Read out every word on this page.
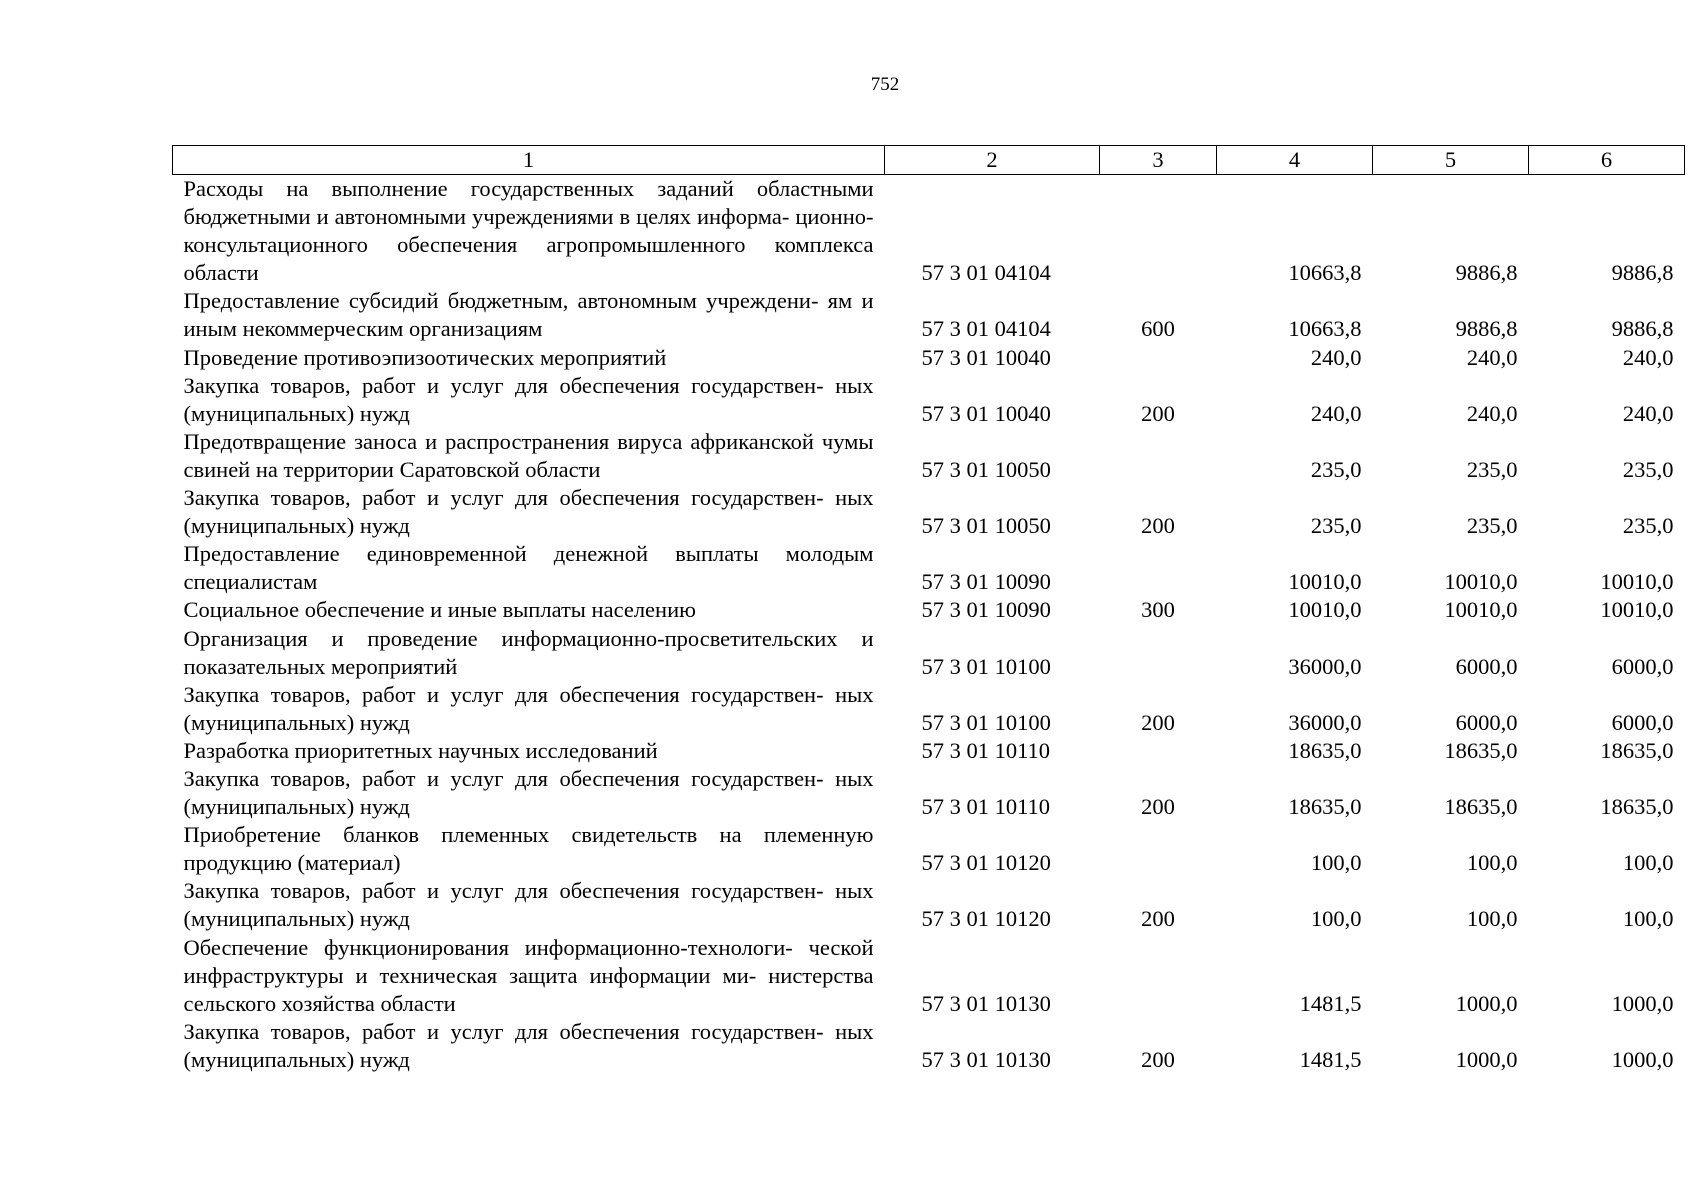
752
1	2	3	4	5	6
Расходы на выполнение государственных заданий областными бюджетными и автономными учреждениями в целях информа- ционно-консультационного обеспечения агропромышленного комплекса области	57 3 01 04104		10663,8	9886,8	9886,8
Предоставление субсидий бюджетным, автономным учреждени- ям и иным некоммерческим организациям	57 3 01 04104	600	10663,8	9886,8	9886,8
Проведение противоэпизоотических мероприятий	57 3 01 10040		240,0	240,0	240,0
Закупка товаров, работ и услуг для обеспечения государствен- ных (муниципальных) нужд	57 3 01 10040	200	240,0	240,0	240,0
Предотвращение заноса и распространения вируса африканской чумы свиней на территории Саратовской области	57 3 01 10050		235,0	235,0	235,0
Закупка товаров, работ и услуг для обеспечения государствен- ных (муниципальных) нужд	57 3 01 10050	200	235,0	235,0	235,0
Предоставление единовременной денежной выплаты молодым специалистам	57 3 01 10090		10010,0	10010,0	10010,0
Социальное обеспечение и иные выплаты населению	57 3 01 10090	300	10010,0	10010,0	10010,0
Организация и проведение информационно-просветительских и показательных мероприятий	57 3 01 10100		36000,0	6000,0	6000,0
Закупка товаров, работ и услуг для обеспечения государствен- ных (муниципальных) нужд	57 3 01 10100	200	36000,0	6000,0	6000,0
Разработка приоритетных научных исследований	57 3 01 10110		18635,0	18635,0	18635,0
Закупка товаров, работ и услуг для обеспечения государствен- ных (муниципальных) нужд	57 3 01 10110	200	18635,0	18635,0	18635,0
Приобретение бланков племенных свидетельств на племенную продукцию (материал)	57 3 01 10120		100,0	100,0	100,0
Закупка товаров, работ и услуг для обеспечения государствен- ных (муниципальных) нужд	57 3 01 10120	200	100,0	100,0	100,0
Обеспечение функционирования информационно-технологи- ческой инфраструктуры и техническая защита информации ми- нистерства сельского хозяйства области	57 3 01 10130		1481,5	1000,0	1000,0
Закупка товаров, работ и услуг для обеспечения государствен- ных (муниципальных) нужд	57 3 01 10130	200	1481,5	1000,0	1000,0
